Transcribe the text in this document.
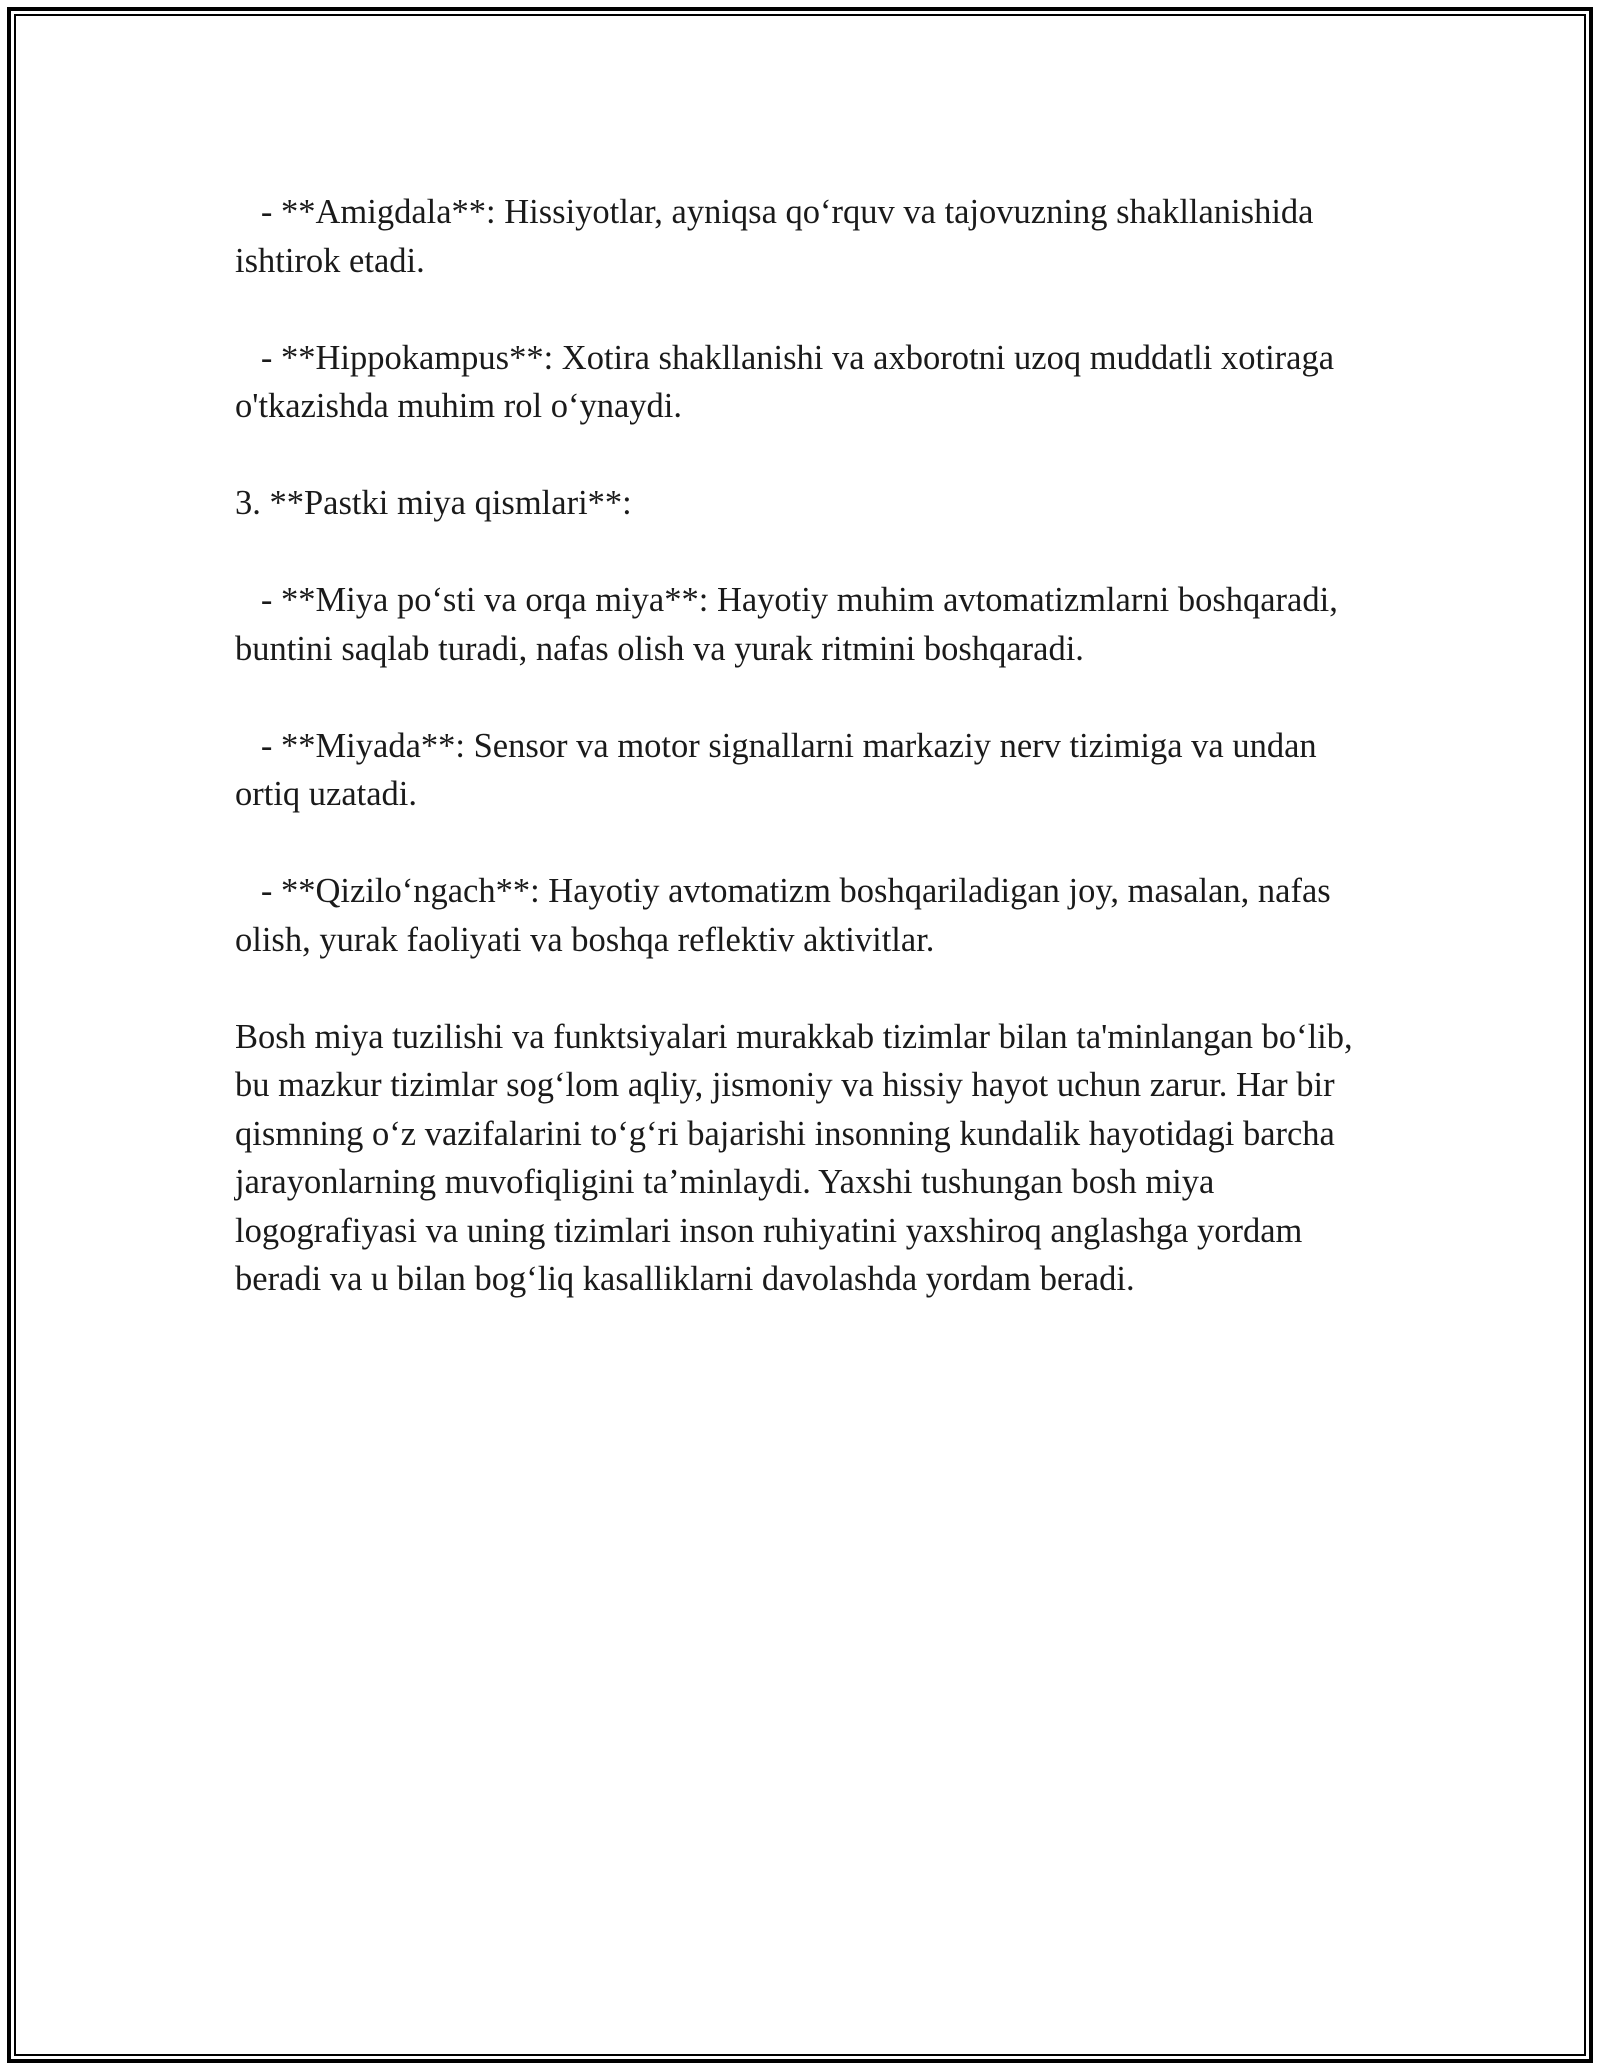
- **Amigdala**: Hissiyotlar, ayniqsa qo‘rquv va tajovuzning shakllanishida ishtirok etadi.

- **Hippokampus**: Xotira shakllanishi va axborotni uzoq muddatli xotiraga o'tkazishda muhim rol o‘ynaydi.

3. **Pastki miya qismlari**:

- **Miya po‘sti va orqa miya**: Hayotiy muhim avtomatizmlarni boshqaradi, buntini saqlab turadi, nafas olish va yurak ritmini boshqaradi.

- **Miyada**: Sensor va motor signallarni markaziy nerv tizimiga va undan ortiq uzatadi.

- **Qizilo‘ngach**: Hayotiy avtomatizm boshqariladigan joy, masalan, nafas olish, yurak faoliyati va boshqa reflektiv aktivitlar.

Bosh miya tuzilishi va funktsiyalari murakkab tizimlar bilan ta'minlangan bo‘lib, bu mazkur tizimlar sog‘lom aqliy, jismoniy va hissiy hayot uchun zarur. Har bir qismning o‘z vazifalarini to‘g‘ri bajarishi insonning kundalik hayotidagi barcha jarayonlarning muvofiqligini ta’minlaydi. Yaxshi tushungan bosh miya logografiyasi va uning tizimlari inson ruhiyatini yaxshiroq anglashga yordam beradi va u bilan bog‘liq kasalliklarni davolashda yordam beradi.
